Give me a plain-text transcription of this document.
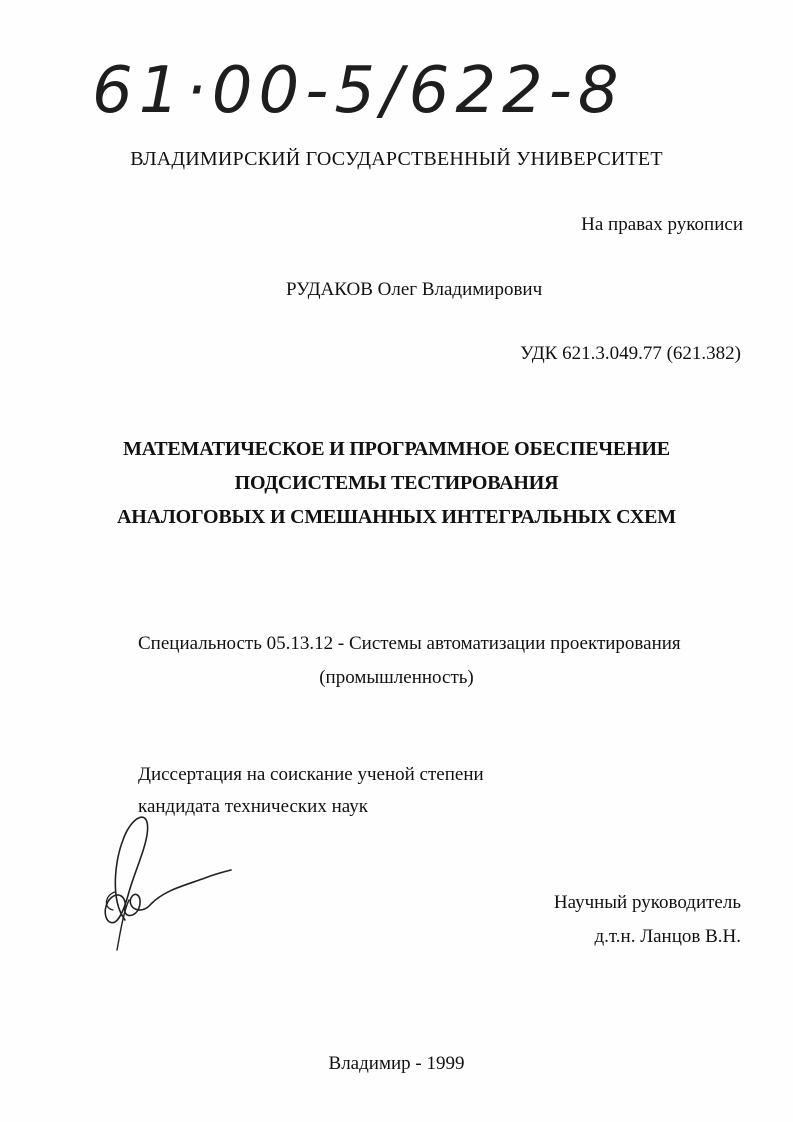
61·00-5/622-8
ВЛАДИМИРСКИЙ ГОСУДАРСТВЕННЫЙ УНИВЕРСИТЕТ
На правах рукописи
РУДАКОВ Олег Владимирович
УДК 621.3.049.77 (621.382)
МАТЕМАТИЧЕСКОЕ И ПРОГРАММНОЕ ОБЕСПЕЧЕНИЕ
ПОДСИСТЕМЫ ТЕСТИРОВАНИЯ
АНАЛОГОВЫХ И СМЕШАННЫХ ИНТЕГРАЛЬНЫХ СХЕМ
Специальность 05.13.12 - Системы автоматизации проектирования
(промышленность)
Диссертация на соискание ученой степени
кандидата технических наук
Научный руководитель
д.т.н. Ланцов В.Н.
Владимир - 1999
